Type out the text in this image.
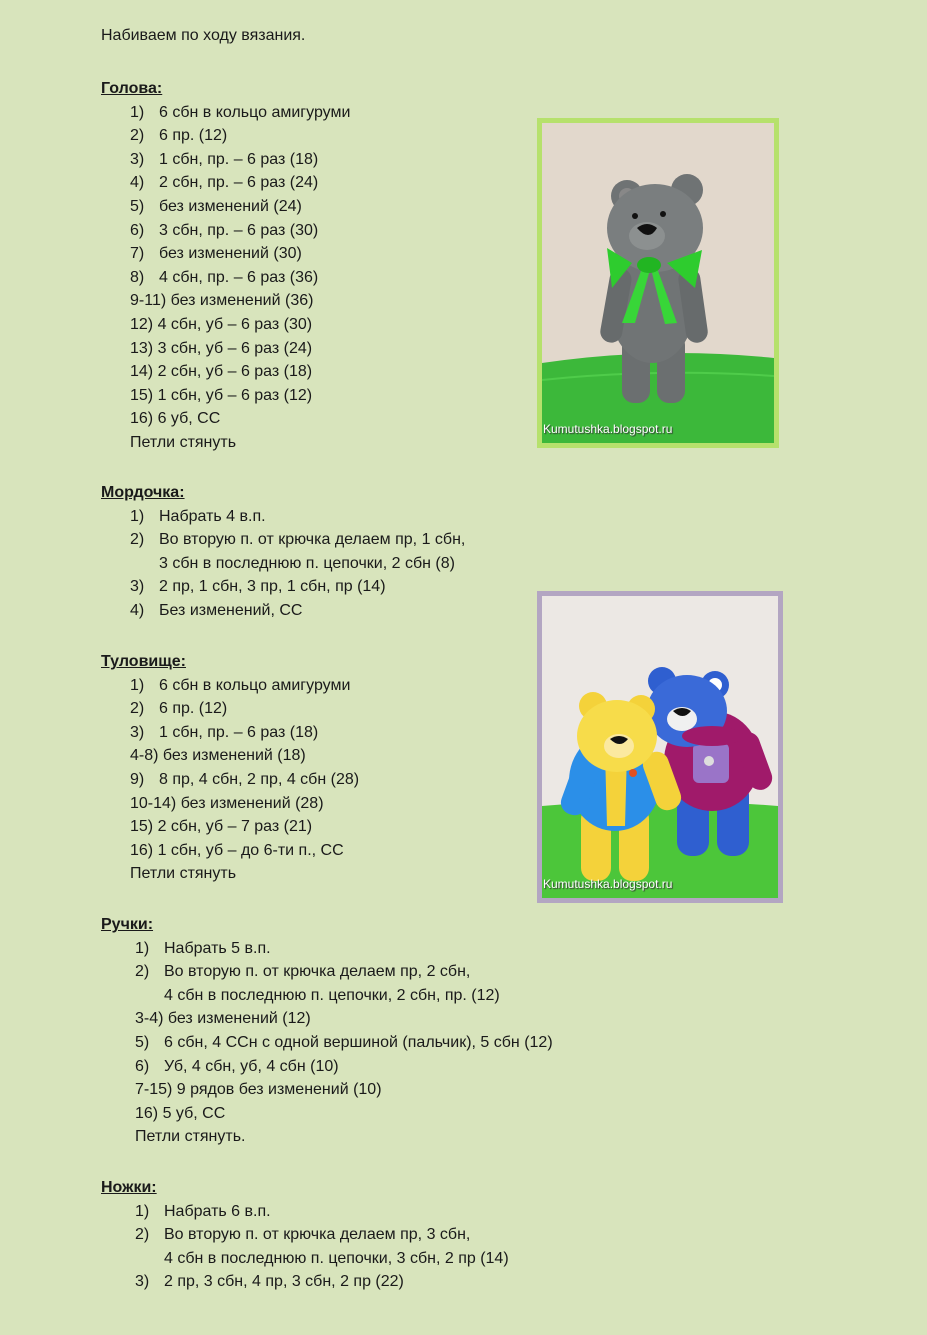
Набиваем по ходу вязания.
Голова:
1) 6 сбн в кольцо амигуруми
2) 6 пр. (12)
3) 1 сбн, пр. – 6 раз (18)
4) 2 сбн, пр. – 6 раз (24)
5) без изменений (24)
6) 3 сбн, пр. – 6 раз (30)
7) без изменений (30)
8) 4 сбн, пр. – 6 раз (36)
9-11) без изменений (36)
12) 4 сбн, уб – 6 раз (30)
13) 3 сбн, уб – 6 раз (24)
14) 2 сбн, уб – 6 раз (18)
15) 1 сбн, уб – 6 раз (12)
16) 6 уб, СС
Петли стянуть
Мордочка:
1) Набрать 4 в.п.
2) Во вторую п. от крючка делаем пр, 1 сбн,
3 сбн в последнюю п. цепочки, 2 сбн (8)
3) 2 пр, 1 сбн, 3 пр, 1 сбн, пр (14)
4) Без изменений, СС
Туловище:
1) 6 сбн в кольцо амигуруми
2) 6 пр. (12)
3) 1 сбн, пр. – 6 раз (18)
4-8) без изменений (18)
9) 8 пр, 4 сбн, 2 пр, 4 сбн (28)
10-14) без изменений (28)
15) 2 сбн, уб – 7 раз (21)
16) 1 сбн, уб – до 6-ти п., СС
Петли стянуть
Ручки:
1) Набрать 5 в.п.
2) Во вторую п. от крючка делаем пр, 2 сбн,
4 сбн в последнюю п. цепочки, 2 сбн, пр. (12)
3-4) без изменений (12)
5) 6 сбн, 4 ССн с одной вершиной (пальчик), 5 сбн (12)
6) Уб, 4 сбн, уб, 4 сбн (10)
7-15) 9 рядов без изменений (10)
16) 5 уб, СС
Петли стянуть.
Ножки:
1) Набрать 6 в.п.
2) Во вторую п. от крючка делаем пр, 3 сбн,
4 сбн в последнюю п. цепочки, 3 сбн, 2 пр (14)
3) 2 пр, 3 сбн, 4 пр, 3 сбн, 2 пр (22)
Kumutushka.blogspot.ru
Kumutushka.blogspot.ru
